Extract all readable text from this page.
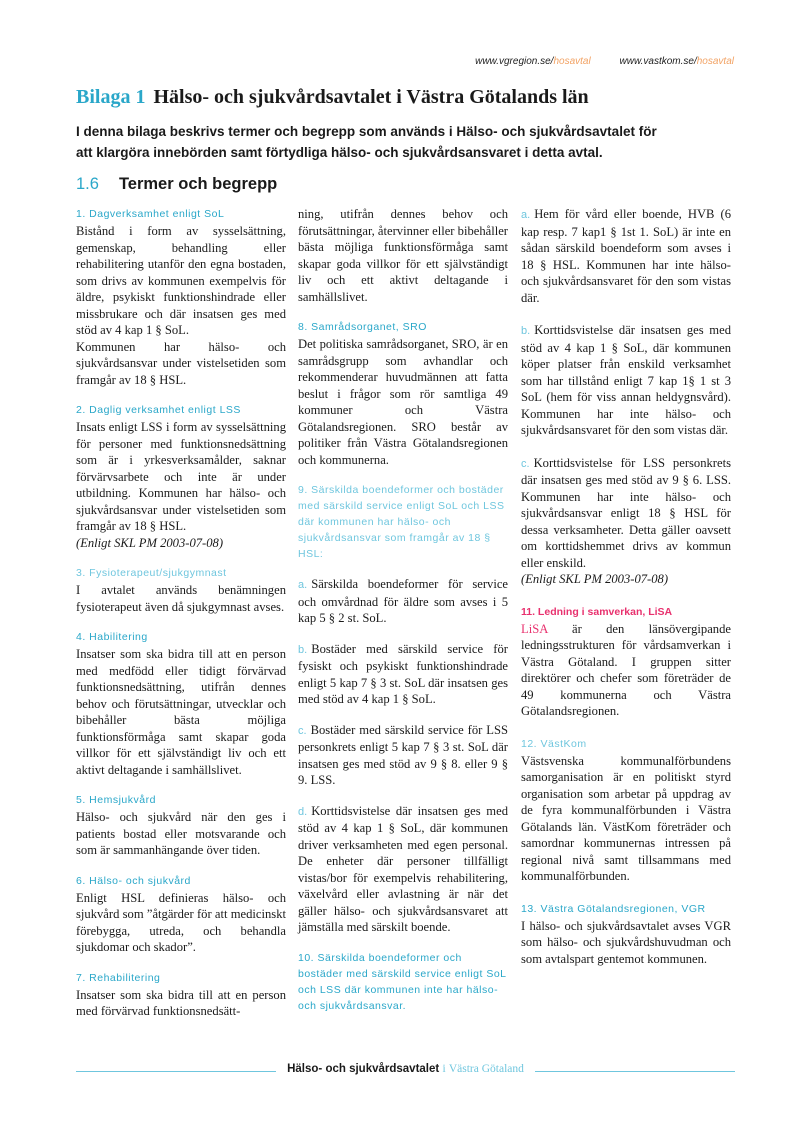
www.vgregion.se/hosavtal	www.vastkom.se/hosavtal
Bilaga 1 Hälso- och sjukvårdsavtalet i Västra Götalands län
I denna bilaga beskrivs termer och begrepp som används i Hälso- och sjukvårdsavtalet för att klargöra innebörden samt förtydliga hälso- och sjukvårdsansvaret i detta avtal.
1.6 Termer och begrepp
1. Dagverksamhet enligt SoL
Bistånd i form av sysselsättning, gemenskap, behandling eller rehabilitering utanför den egna bostaden, som drivs av kommunen exempelvis för äldre, psykiskt funktionshindrade eller missbrukare och där insatsen ges med stöd av 4 kap 1 § SoL.
Kommunen har hälso- och sjukvårdsansvar under vistelsetiden som framgår av 18 § HSL.
2. Daglig verksamhet enligt LSS
Insats enligt LSS i form av sysselsättning för personer med funktionsnedsättning som är i yrkesverksamålder, saknar förvärvsarbete och inte är under utbildning. Kommunen har hälso- och sjukvårdsansvar under vistelsetiden som framgår av 18 § HSL.
(Enligt SKL PM 2003-07-08)
3. Fysioterapeut/sjukgymnast
I avtalet används benämningen fysioterapeut även då sjukgymnast avses.
4. Habilitering
Insatser som ska bidra till att en person med medfödd eller tidigt förvärvad funktionsnedsättning, utifrån dennes behov och förutsättningar, utvecklar och bibehåller bästa möjliga funktionsförmåga samt skapar goda villkor för ett självständigt liv och ett aktivt deltagande i samhällslivet.
5. Hemsjukvård
Hälso- och sjukvård när den ges i patients bostad eller motsvarande och som är sammanhängande över tiden.
6. Hälso- och sjukvård
Enligt HSL definieras hälso- och sjukvård som ”åtgärder för att medicinskt förebygga, utreda, och behandla sjukdomar och skador”.
7. Rehabilitering
Insatser som ska bidra till att en person med förvärvad funktionsnedsätt-
ning, utifrån dennes behov och förutsättningar, återvinner eller bibehåller bästa möjliga funktionsförmåga samt skapar goda villkor för ett självständigt liv och ett aktivt deltagande i samhällslivet.
8. Samrådsorganet, SRO
Det politiska samrådsorganet, SRO, är en samrådsgrupp som avhandlar och rekommenderar huvudmännen att fatta beslut i frågor som rör samtliga 49 kommuner och Västra Götalandsregionen. SRO består av politiker från Västra Götalandsregionen och kommunerna.
9. Särskilda boendeformer och bostäder med särskild service enligt SoL och LSS där kommunen har hälso- och sjukvårdsansvar som framgår av 18 § HSL:
a. Särskilda boendeformer för service och omvårdnad för äldre som avses i 5 kap 5 § 2 st. SoL.
b. Bostäder med särskild service för fysiskt och psykiskt funktionshindrade enligt 5 kap 7 § 3 st. SoL där insatsen ges med stöd av 4 kap 1 § SoL.
c. Bostäder med särskild service för LSS personkrets enligt 5 kap 7 § 3 st. SoL där insatsen ges med stöd av 9 § 8. eller 9 § 9. LSS.
d. Korttidsvistelse där insatsen ges med stöd av 4 kap 1 § SoL, där kommunen driver verksamheten med egen personal. De enheter där personer tillfälligt vistas/bor för exempelvis rehabilitering, växelvård eller avlastning är när det gäller hälso- och sjukvårdsansvaret att jämställa med särskilt boende.
10. Särskilda boendeformer och bostäder med särskild service enligt SoL och LSS där kommunen inte har hälso- och sjukvårdsansvar.
a. Hem för vård eller boende, HVB (6 kap resp. 7 kap1 § 1st 1. SoL) är inte en sådan särskild boendeform som avses i 18 § HSL. Kommunen har inte hälso- och sjukvårdsansvaret för den som vistas där.
b. Korttidsvistelse där insatsen ges med stöd av 4 kap 1 § SoL, där kommunen köper platser från enskild verksamhet som har tillstånd enligt 7 kap 1§ 1 st 3 SoL (hem för viss annan heldygnsvård). Kommunen har inte hälso- och sjukvårdsansvaret för den som vistas där.
c. Korttidsvistelse för LSS personkrets där insatsen ges med stöd av 9 § 6. LSS. Kommunen har inte hälso- och sjukvårdsansvar enligt 18 § HSL för dessa verksamheter. Detta gäller oavsett om korttidshemmet drivs av kommun eller enskild.
(Enligt SKL PM 2003-07-08)
11. Ledning i samverkan, LiSA
LiSA är den länsövergipande ledningsstrukturen för vårdsamverkan i Västra Götaland. I gruppen sitter direktörer och chefer som företräder de 49 kommunerna och Västra Götalandsregionen.
12. VästKom
Västsvenska kommunalförbundens samorganisation är en politiskt styrd organisation som arbetar på uppdrag av de fyra kommunalförbunden i Västra Götalands län. VästKom företräder och samordnar kommunernas intressen på regional nivå samt tillsammans med kommunalförbunden.
13. Västra Götalandsregionen, VGR
I hälso- och sjukvårdsavtalet avses VGR som hälso- och sjukvårdshuvudman och som avtalspart gentemot kommunen.
Hälso- och sjukvårdsavtalet i Västra Götaland
